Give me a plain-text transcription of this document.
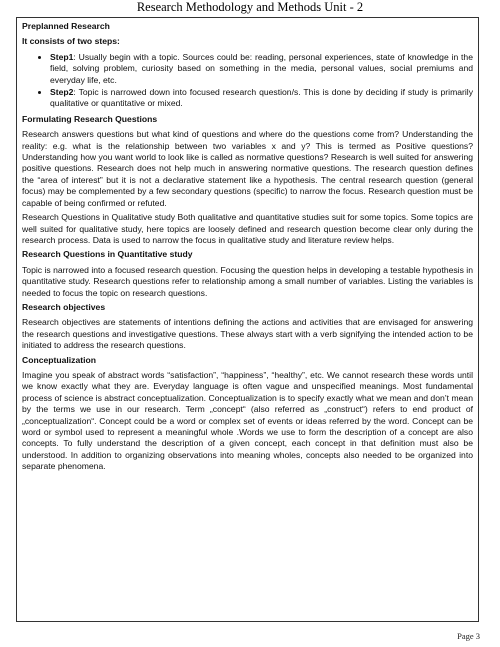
Research Methodology and Methods Unit - 2
Preplanned Research
It consists of two steps:
• Step1: Usually begin with a topic. Sources could be: reading, personal experiences, state of knowledge in the field, solving problem, curiosity based on something in the media, personal values, social premiums and everyday life, etc.
• Step2: Topic is narrowed down into focused research question/s. This is done by deciding if study is primarily qualitative or quantitative or mixed.
Formulating Research Questions

Research answers questions but what kind of questions and where do the questions come from? Understanding the reality: e.g. what is the relationship between two variables x and y? This is termed as Positive questions? Understanding how you want world to look like is called as normative questions? Research is well suited for answering positive questions. Research does not help much in answering normative questions. The research question defines the “area of interest” but it is not a declarative statement like a hypothesis. The central research question (general focus) may be complemented by a few secondary questions (specific) to narrow the focus. Research question must be capable of being confirmed or refuted.

Research Questions in Qualitative study Both qualitative and quantitative studies suit for some topics. Some topics are well suited for qualitative study, here topics are loosely defined and research question become clear only during the research process. Data is used to narrow the focus in qualitative study and literature review helps.

Research Questions in Quantitative study

Topic is narrowed into a focused research question. Focusing the question helps in developing a testable hypothesis in quantitative study. Research questions refer to relationship among a small number of variables. Listing the variables is needed to focus the topic on research questions.

Research objectives

Research objectives are statements of intentions defining the actions and activities that are envisaged for answering the research questions and investigative questions. These always start with a verb signifying the intended action to be initiated to address the research questions.

Conceptualization

Imagine you speak of abstract words “satisfaction”, “happiness”, “healthy”, etc. We cannot research these words until we know exactly what they are. Everyday language is often vague and unspecified meanings. Most fundamental process of science is abstract conceptualization. Conceptualization is to specify exactly what we mean and don’t mean by the terms we use in our research. Term „concept“ (also referred as „construct“) refers to end product of „conceptualization“. Concept could be a word or complex set of events or ideas referred by the word. Concept can be word or symbol used to represent a meaningful whole .Words we use to form the description of a concept are also concepts. To fully understand the description of a given concept, each concept in that definition must also be understood. In addition to organizing observations into meaning wholes, concepts also needed to be organized into separate phenomena.

Page 3
